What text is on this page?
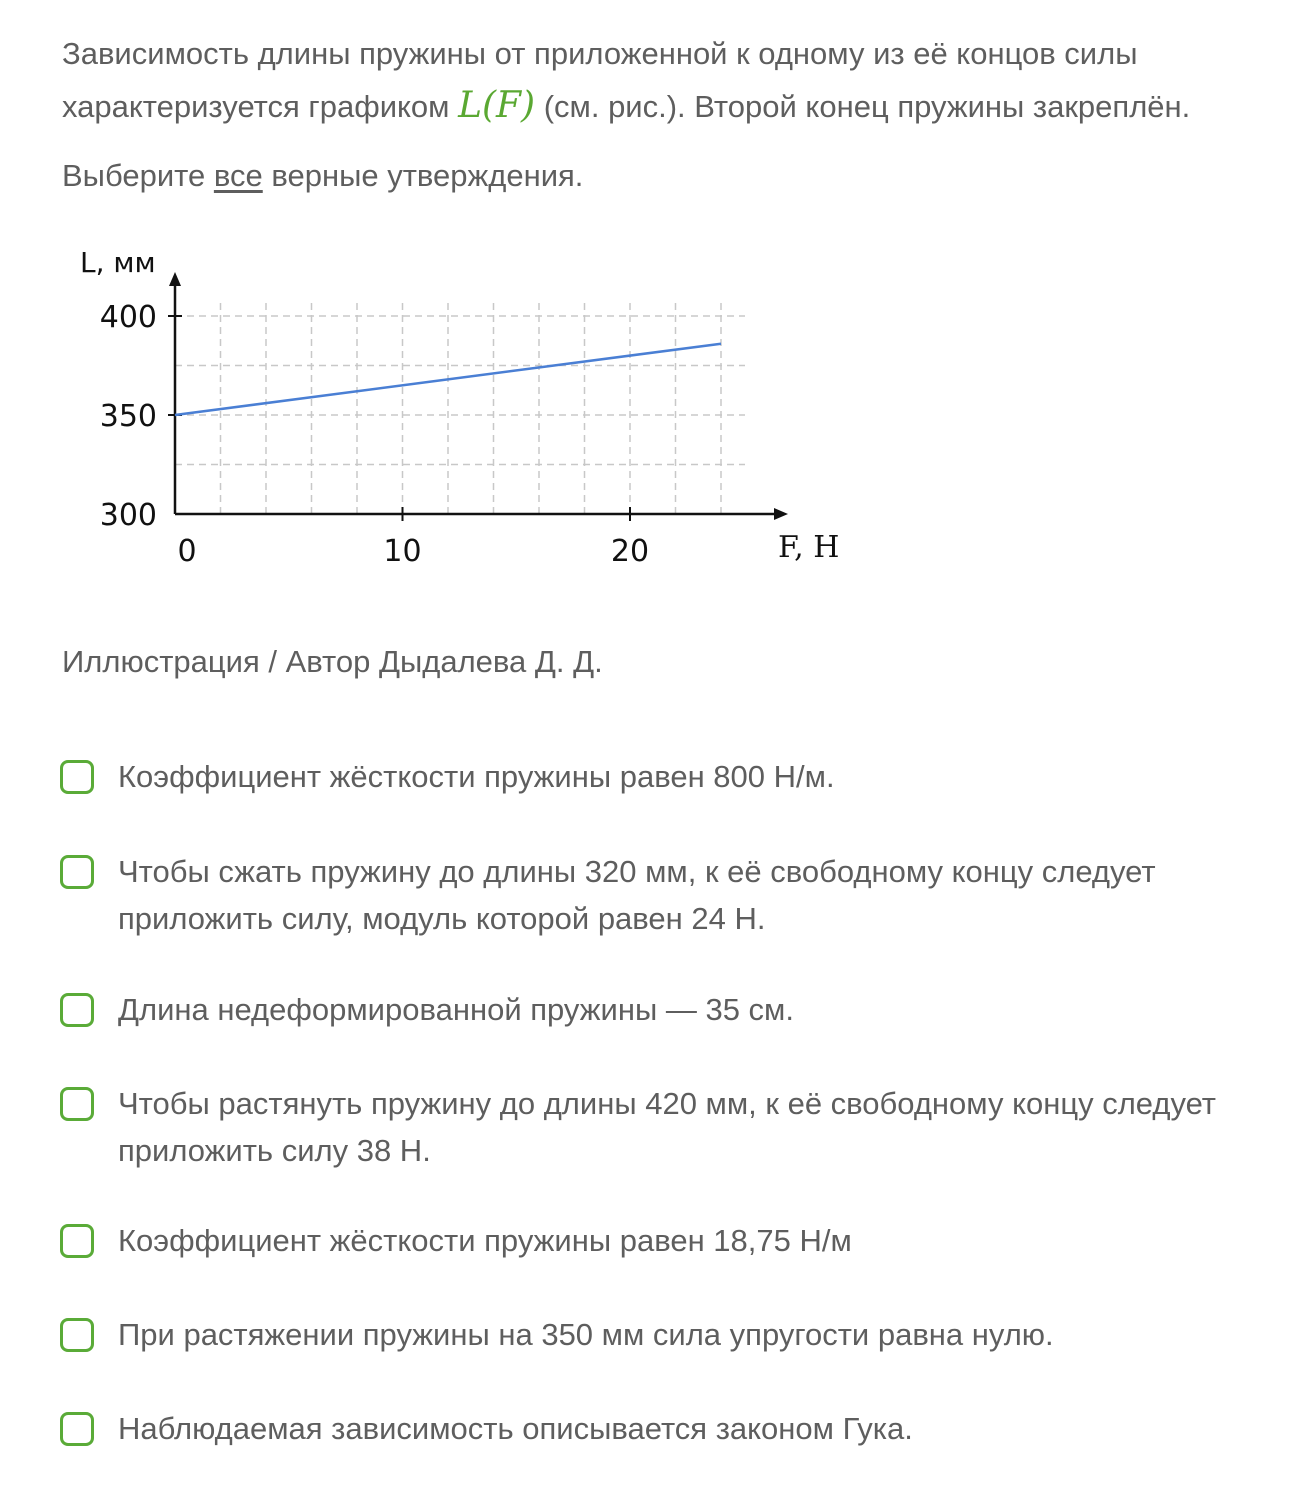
Зависимость длины пружины от приложенной к одному из её концов силы характеризуется графиком L(F) (см. рис.). Второй конец пружины закреплён.
Выберите все верные утверждения.
300
350
400
0	10	20
L, мм
F, Н
Иллюстрация / Автор Дыдалева Д. Д.
Коэффициент жёсткости пружины равен 800 Н/м.
Чтобы сжать пружину до длины 320 мм, к её свободному концу следует приложить силу, модуль которой равен 24 Н.
Длина недеформированной пружины — 35 см.
Чтобы растянуть пружину до длины 420 мм, к её свободному концу следует приложить силу 38 Н.
Коэффициент жёсткости пружины равен 18,75 Н/м
При растяжении пружины на 350 мм сила упругости равна нулю.
Наблюдаемая зависимость описывается законом Гука.
